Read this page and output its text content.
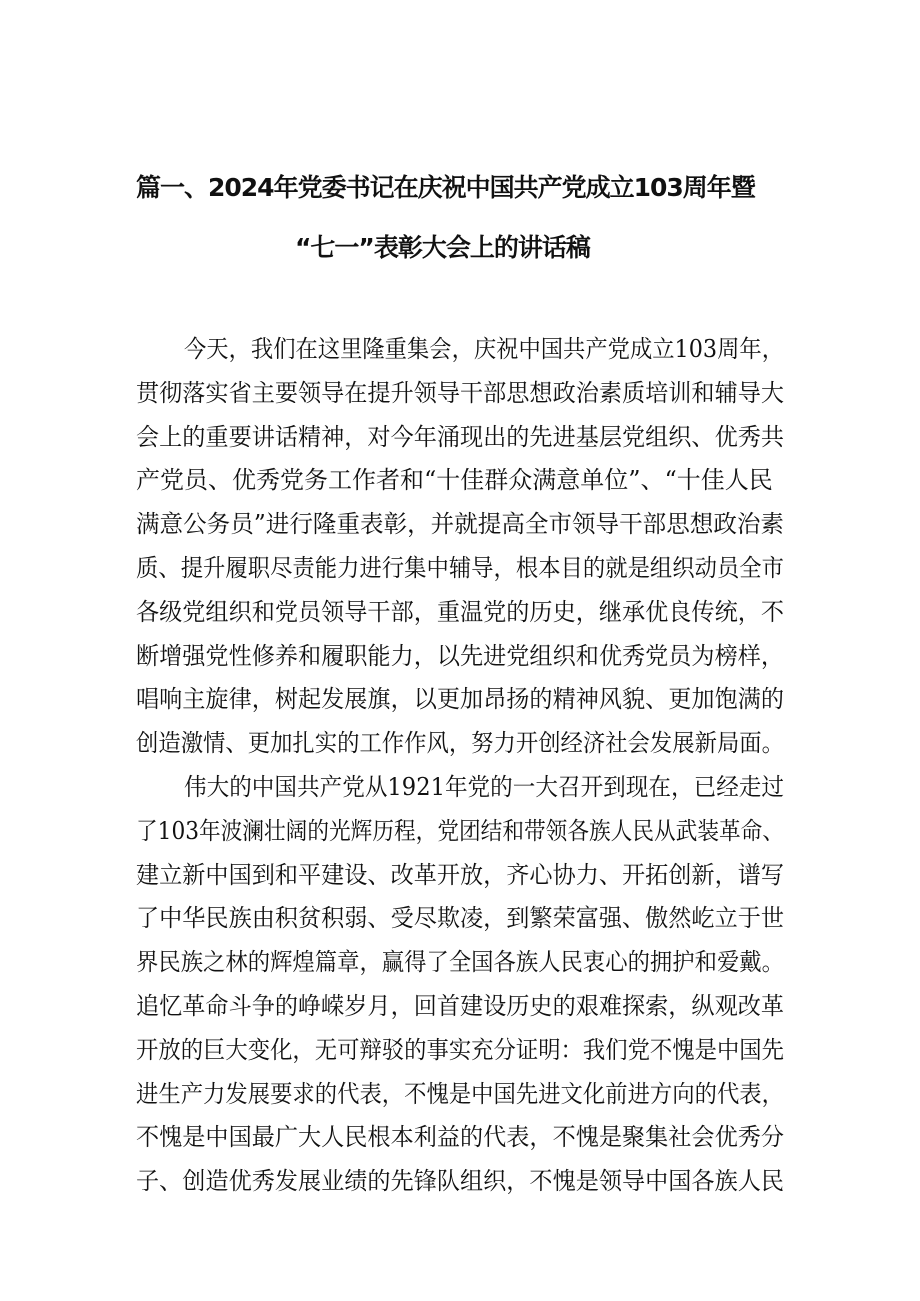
篇一、2024年党委书记在庆祝中国共产党成立103周年暨
“七一”表彰大会上的讲话稿
今天，我们在这里隆重集会，庆祝中国共产党成立103周年，
贯彻落实省主要领导在提升领导干部思想政治素质培训和辅导大
会上的重要讲话精神，对今年涌现出的先进基层党组织、优秀共
产党员、优秀党务工作者和“十佳群众满意单位”、“十佳人民
满意公务员”进行隆重表彰，并就提高全市领导干部思想政治素
质、提升履职尽责能力进行集中辅导，根本目的就是组织动员全市
各级党组织和党员领导干部，重温党的历史，继承优良传统，不
断增强党性修养和履职能力，以先进党组织和优秀党员为榜样，
唱响主旋律，树起发展旗，以更加昂扬的精神风貌、更加饱满的
创造激情、更加扎实的工作作风，努力开创经济社会发展新局面。
伟大的中国共产党从1921年党的一大召开到现在，已经走过
了103年波澜壮阔的光辉历程，党团结和带领各族人民从武装革命、
建立新中国到和平建设、改革开放，齐心协力、开拓创新，谱写
了中华民族由积贫积弱、受尽欺凌，到繁荣富强、傲然屹立于世
界民族之林的辉煌篇章，赢得了全国各族人民衷心的拥护和爱戴。
追忆革命斗争的峥嵘岁月，回首建设历史的艰难探索，纵观改革
开放的巨大变化，无可辩驳的事实充分证明：我们党不愧是中国先
进生产力发展要求的代表，不愧是中国先进文化前进方向的代表，
不愧是中国最广大人民根本利益的代表，不愧是聚集社会优秀分
子、创造优秀发展业绩的先锋队组织，不愧是领导中国各族人民
